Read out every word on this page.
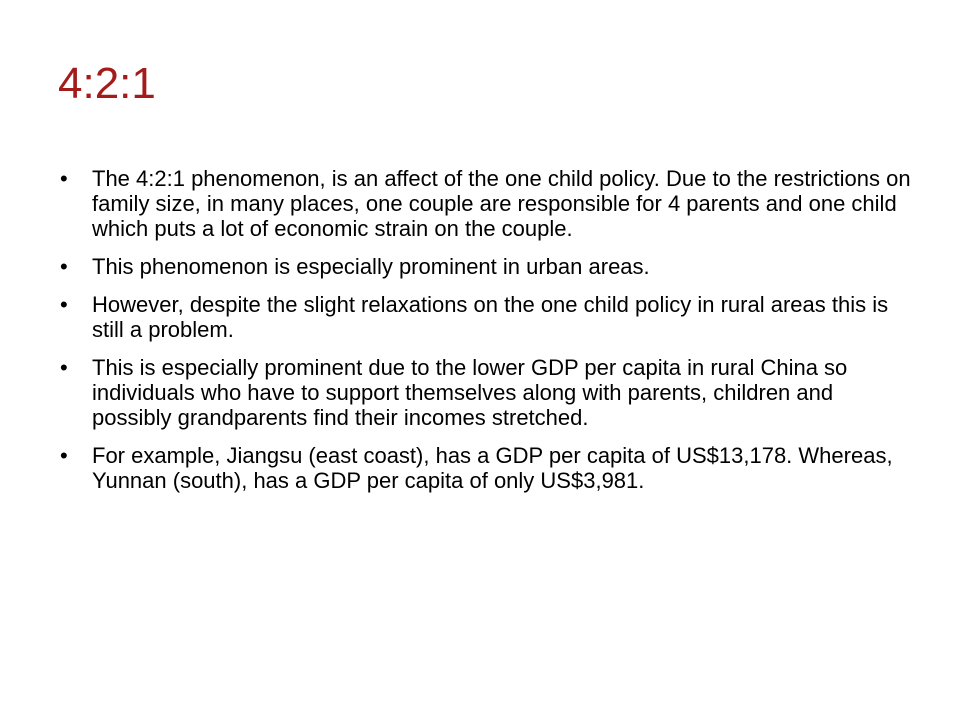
4:2:1
•	The 4:2:1 phenomenon, is an affect of the one child policy. Due to the restrictions on family size, in many places, one couple are responsible for 4 parents and one child which puts a lot of economic strain on the couple.
•	This phenomenon is especially prominent in urban areas.
•	However, despite the slight relaxations on the one child policy in rural areas this is still a problem.
•	This is especially prominent due to the lower GDP per capita in rural China so individuals who have to support themselves along with parents, children and possibly grandparents find their incomes stretched.
•	For example, Jiangsu (east coast), has a GDP per capita of US$13,178. Whereas, Yunnan (south), has a GDP per capita of only US$3,981.
